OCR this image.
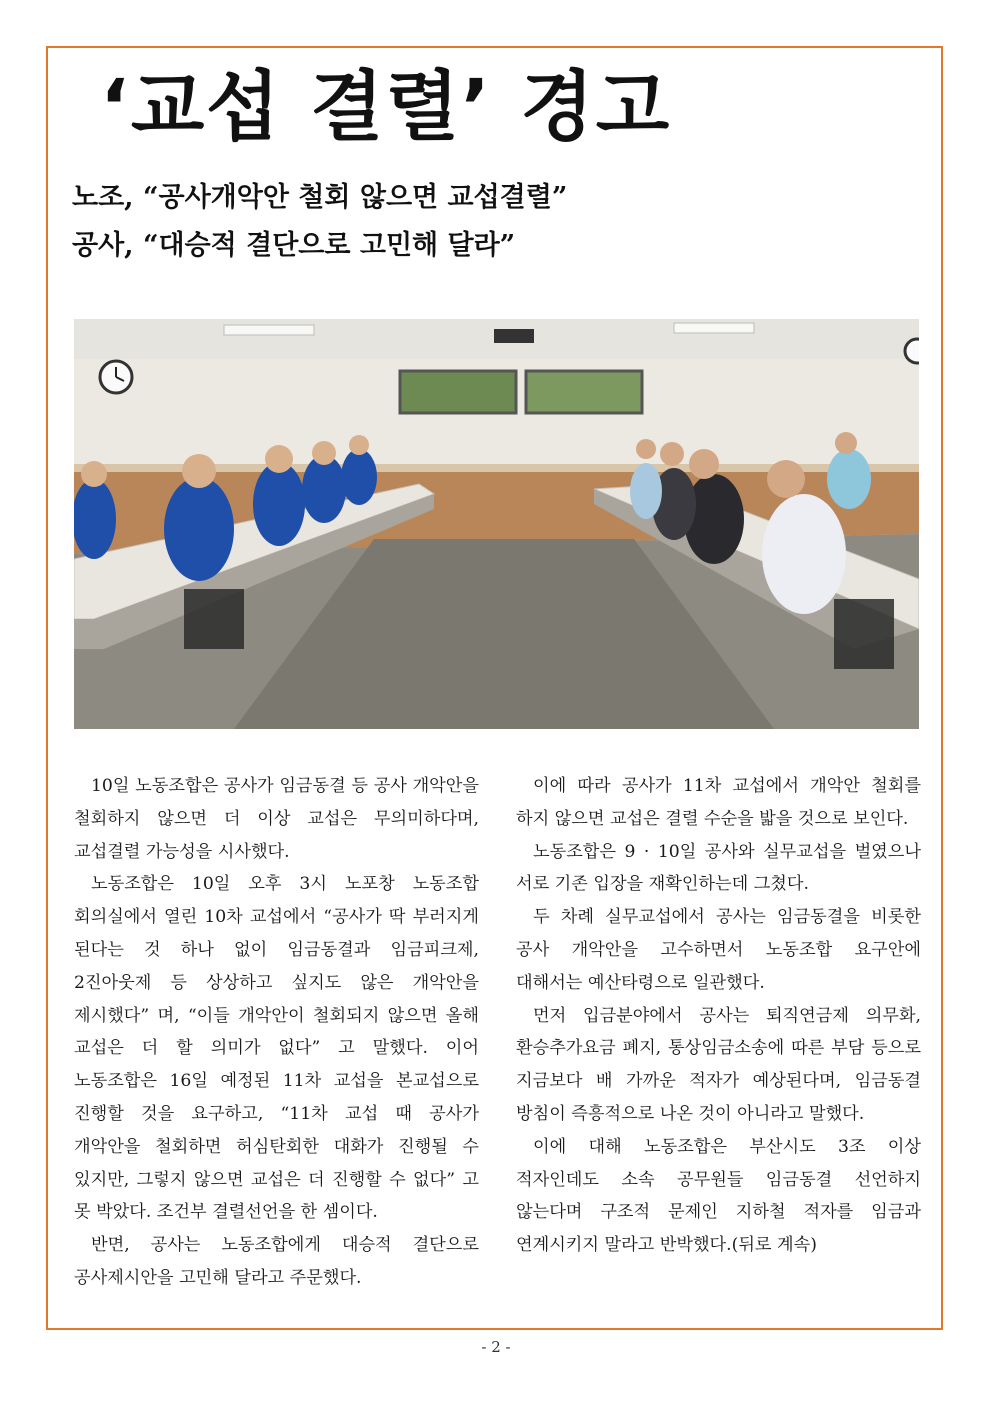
‘교섭 결렬’ 경고
노조, “공사개악안 철회 않으면 교섭결렬”
공사, “대승적 결단으로 고민해 달라”

10일 노동조합은 공사가 임금동결 등 공사 개악안을 철회하지 않으면 더 이상 교섭은 무의미하다며, 교섭결렬 가능성을 시사했다.

노동조합은 10일 오후 3시 노포창 노동조합 회의실에서 열린 10차 교섭에서 “공사가 딱 부러지게 된다는 것 하나 없이 임금동결과 임금피크제, 2진아웃제 등 상상하고 싶지도 않은 개악안을 제시했다” 며, “이들 개악안이 철회되지 않으면 올해 교섭은 더 할 의미가 없다” 고 말했다. 이어 노동조합은 16일 예정된 11차 교섭을 본교섭으로 진행할 것을 요구하고, “11차 교섭 때 공사가 개악안을 철회하면 허심탄회한 대화가 진행될 수 있지만, 그렇지 않으면 교섭은 더 진행할 수 없다” 고 못 박았다. 조건부 결렬선언을 한 셈이다.

반면, 공사는 노동조합에게 대승적 결단으로 공사제시안을 고민해 달라고 주문했다.

이에 따라 공사가 11차 교섭에서 개악안 철회를 하지 않으면 교섭은 결렬 수순을 밟을 것으로 보인다.

노동조합은 9 · 10일 공사와 실무교섭을 벌였으나 서로 기존 입장을 재확인하는데 그쳤다.

두 차례 실무교섭에서 공사는 임금동결을 비롯한 공사 개악안을 고수하면서 노동조합 요구안에 대해서는 예산타령으로 일관했다.

먼저 입금분야에서 공사는 퇴직연금제 의무화, 환승추가요금 폐지, 통상임금소송에 따른 부담 등으로 지금보다 배 가까운 적자가 예상된다며, 임금동결 방침이 즉흥적으로 나온 것이 아니라고 말했다.

이에 대해 노동조합은 부산시도 3조 이상 적자인데도 소속 공무원들 임금동결 선언하지 않는다며 구조적 문제인 지하철 적자를 임금과 연계시키지 말라고 반박했다.(뒤로 계속)

- 2 -
